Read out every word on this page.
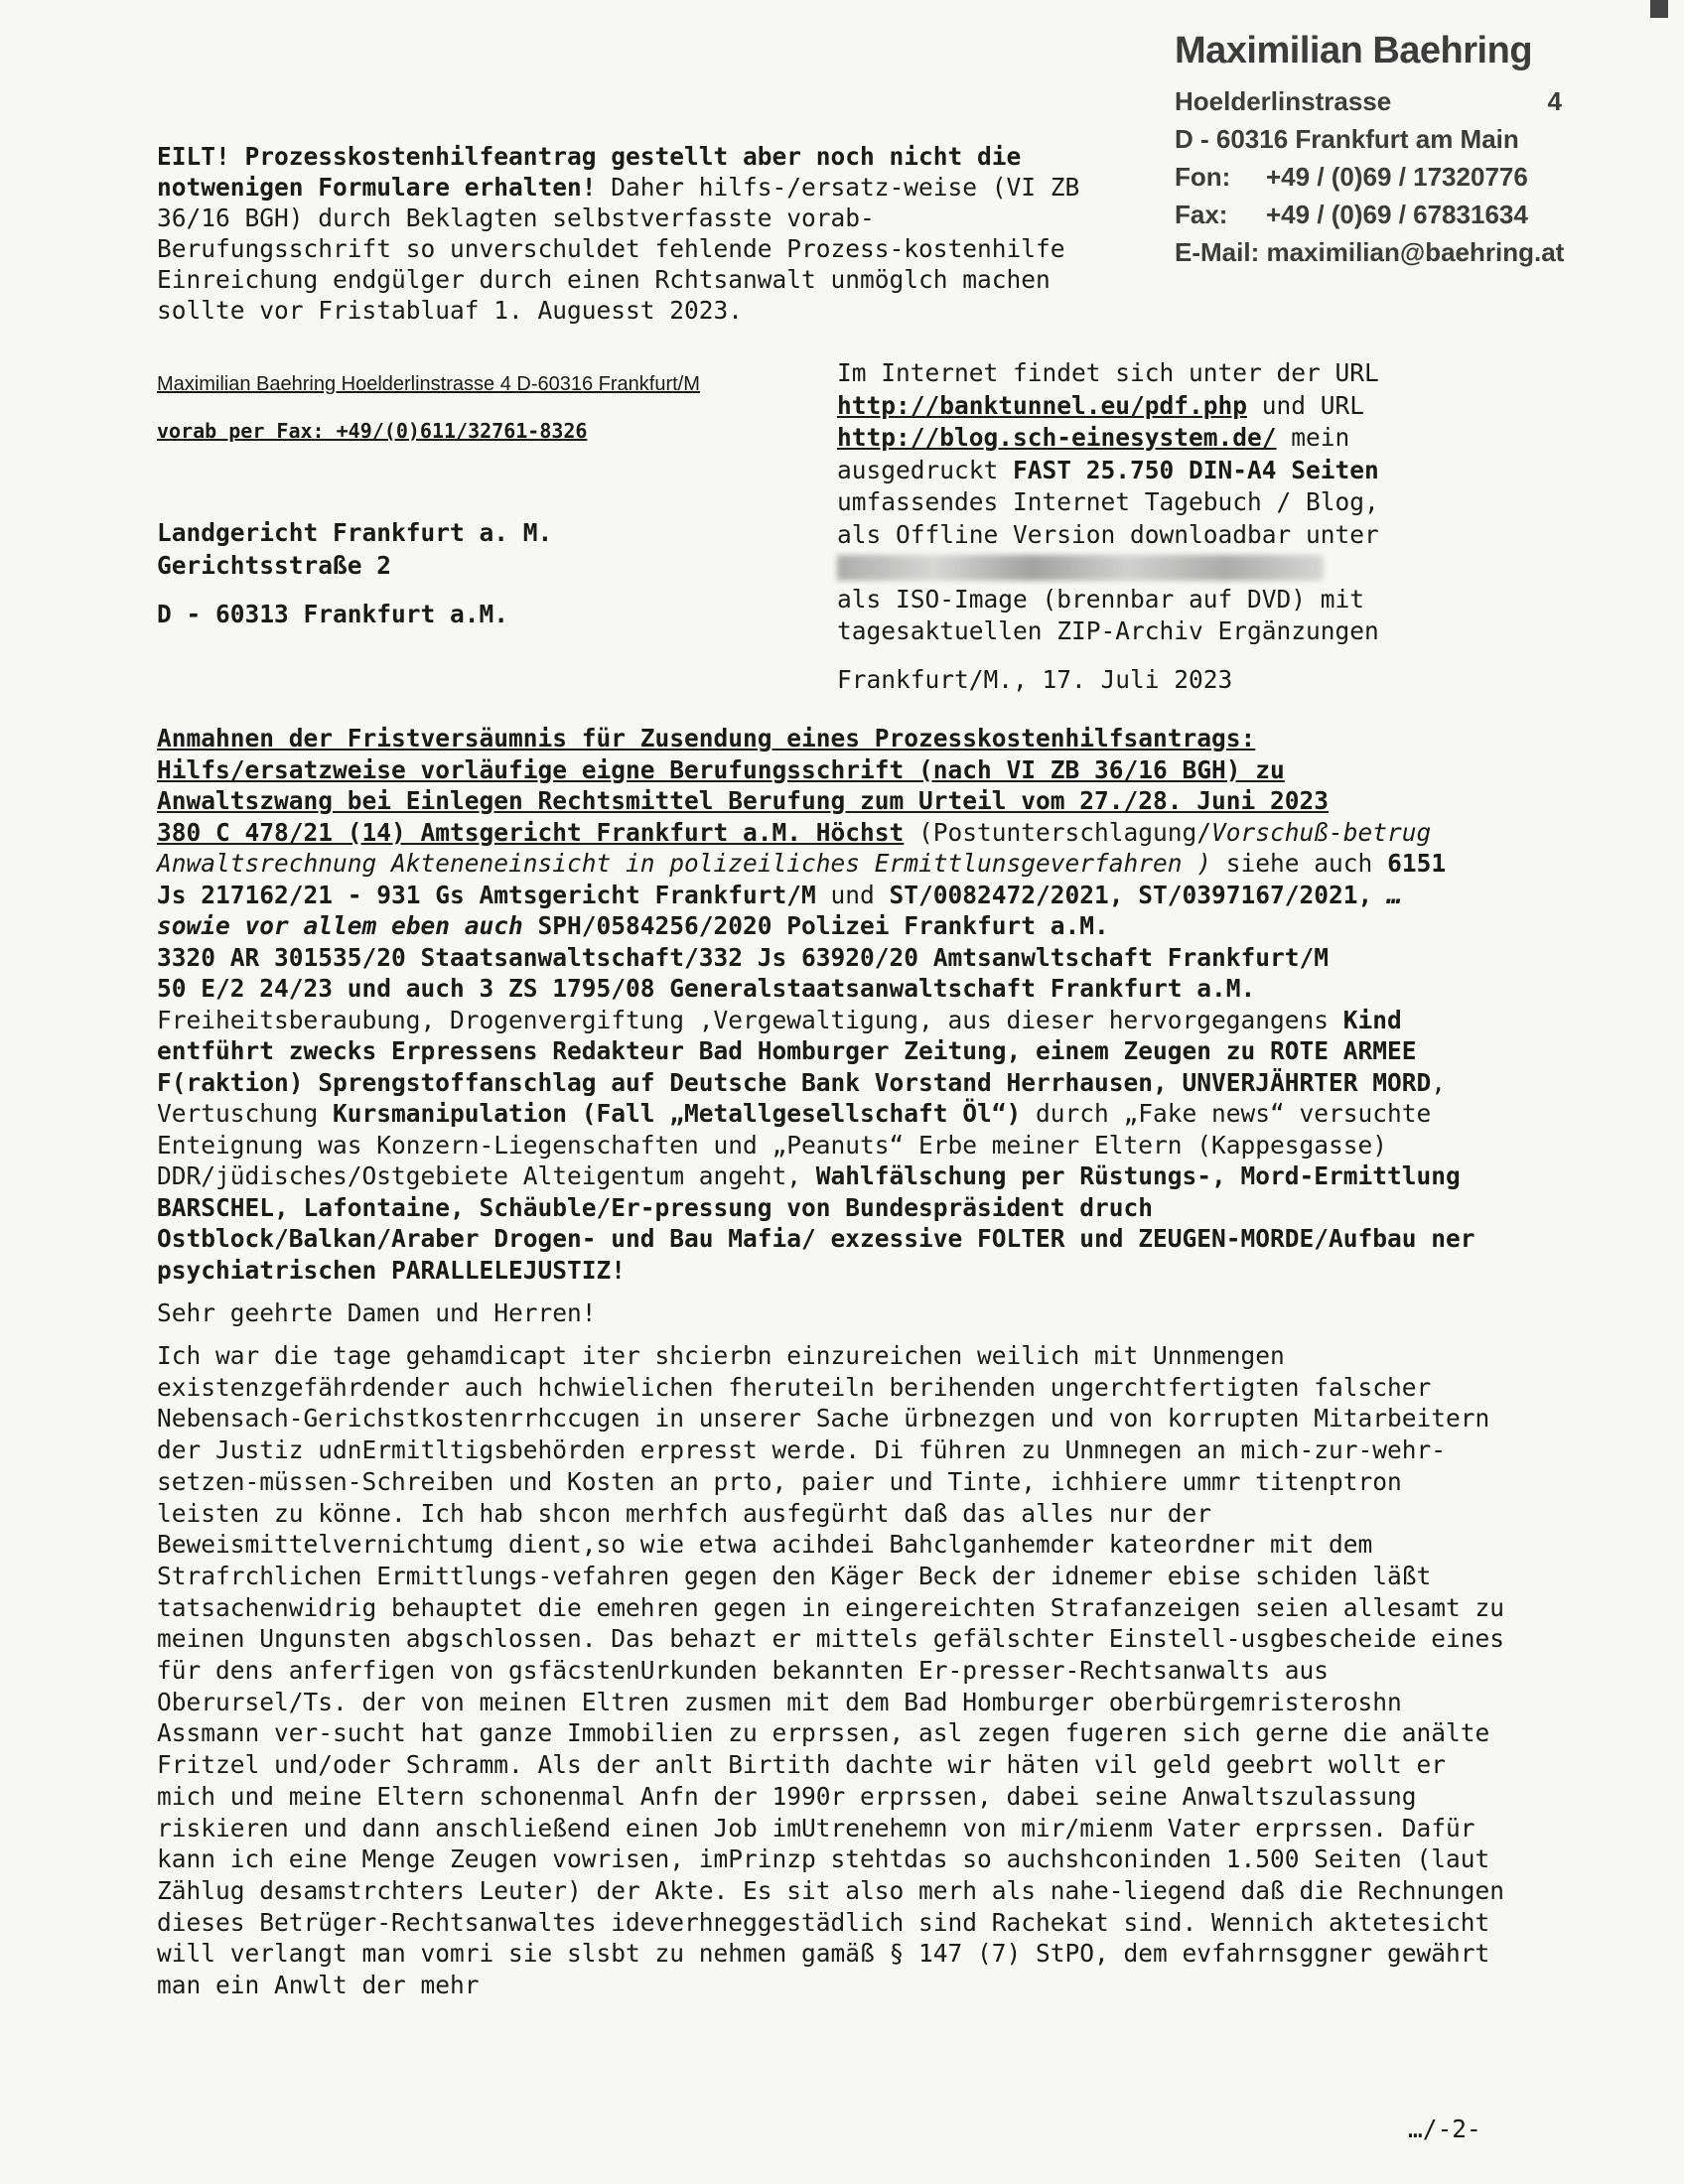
Maximilian Baehring
Hoelderlinstrasse	4
D - 60316 Frankfurt am Main
Fon: +49 / (0)69 / 17320776
Fax: +49 / (0)69 / 67831634
E-Mail: maximilian@baehring.at
EILT! Prozesskostenhilfeantrag gestellt aber noch nicht die notwenigen Formulare erhalten! Daher hilfs-/ersatz-weise (VI ZB 36/16 BGH) durch Beklagten selbstverfasste vorab- Berufungsschrift so unverschuldet fehlende Prozess-kostenhilfe Einreichung endgülger durch einen Rchtsanwalt unmöglch machen sollte vor Fristabluaf 1. Auguesst 2023.
Maximilian Baehring Hoelderlinstrasse 4 D-60316 Frankfurt/M
vorab per Fax: +49/(0)611/32761-8326
Landgericht Frankfurt a. M.
Gerichtsstraße 2
D - 60313 Frankfurt a.M.
Im Internet findet sich unter der URL
http://banktunnel.eu/pdf.php und URL
http://blog.sch-einesystem.de/ mein
ausgedruckt FAST 25.750 DIN-A4 Seiten
umfassendes Internet Tagebuch / Blog,
als Offline Version downloadbar unter
als ISO-Image (brennbar auf DVD) mit
tagesaktuellen ZIP-Archiv Ergänzungen
Frankfurt/M., 17. Juli 2023
Anmahnen der Fristversäumnis für Zusendung eines Prozesskostenhilfsantrags:
Hilfs/ersatzweise vorläufige eigne Berufungsschrift (nach VI ZB 36/16 BGH) zu
Anwaltszwang bei Einlegen Rechtsmittel Berufung zum Urteil vom 27./28. Juni 2023
380 C 478/21 (14) Amtsgericht Frankfurt a.M. Höchst (Postunterschlagung/Vorschuß-betrug Anwaltsrechnung Akteneneinsicht in polizeiliches Ermittlunsgeverfahren ) siehe auch 6151 Js 217162/21 - 931 Gs Amtsgericht Frankfurt/M und ST/0082472/2021, ST/0397167/2021, … sowie vor allem eben auch SPH/0584256/2020 Polizei Frankfurt a.M.
3320 AR 301535/20 Staatsanwaltschaft/332 Js 63920/20 Amtsanwltschaft Frankfurt/M
50 E/2 24/23 und auch 3 ZS 1795/08 Generalstaatsanwaltschaft Frankfurt a.M.
Freiheitsberaubung, Drogenvergiftung ,Vergewaltigung, aus dieser hervorgegangens Kind entführt zwecks Erpressens Redakteur Bad Homburger Zeitung, einem Zeugen zu ROTE ARMEE F(raktion) Sprengstoffanschlag auf Deutsche Bank Vorstand Herrhausen, UNVERJÄHRTER MORD, Vertuschung Kursmanipulation (Fall „Metallgesellschaft Öl“) durch „Fake news“ versuchte Enteignung was Konzern-Liegenschaften und „Peanuts“ Erbe meiner Eltern (Kappesgasse) DDR/jüdisches/Ostgebiete Alteigentum angeht, Wahlfälschung per Rüstungs-, Mord-Ermittlung BARSCHEL, Lafontaine, Schäuble/Er-pressung von Bundespräsident druch Ostblock/Balkan/Araber Drogen- und Bau Mafia/ exzessive FOLTER und ZEUGEN-MORDE/Aufbau ner psychiatrischen PARALLELEJUSTIZ!
Sehr geehrte Damen und Herren!
Ich war die tage gehamdicapt iter shcierbn einzureichen weilich mit Unnmengen existenzgefährdender auch hchwielichen fheruteiln berihenden ungerchtfertigten falscher Nebensach-Gerichstkostenrrhccugen in unserer Sache ürbnezgen und von korrupten Mitarbeitern der Justiz udnErmitltigsbehörden erpresst werde. Di führen zu Unmnegen an mich-zur-wehr-setzen-müssen-Schreiben und Kosten an prto, paier und Tinte, ichhiere ummr titenptron leisten zu könne. Ich hab shcon merhfch ausfegürht daß das alles nur der Beweismittelvernichtumg dient,so wie etwa acihdei Bahclganhemder kateordner mit dem Strafrchlichen Ermittlungs-vefahren gegen den Käger Beck der idnemer ebise schiden läßt tatsachenwidrig behauptet die emehren gegen in eingereichten Strafanzeigen seien allesamt zu meinen Ungunsten abgschlossen. Das behazt er mittels gefälschter Einstell-usgbescheide eines für dens anferfigen von gsfäcstenUrkunden bekannten Er-presser-Rechtsanwalts aus Oberursel/Ts. der von meinen Eltren zusmen mit dem Bad Homburger oberbürgemristeroshn Assmann ver-sucht hat ganze Immobilien zu erprssen, asl zegen fugeren sich gerne die anälte Fritzel und/oder Schramm. Als der anlt Birtith dachte wir häten vil geld geebrt wollt er mich und meine Eltern schonenmal Anfn der 1990r erprssen, dabei seine Anwaltszulassung riskieren und dann anschließend einen Job imUtrenehemn von mir/mienm Vater erprssen. Dafür kann ich eine Menge Zeugen vowrisen, imPrinzp stehtdas so auchshconinden 1.500 Seiten (laut Zählug desamstrchters Leuter) der Akte. Es sit also merh als nahe-liegend daß die Rechnungen dieses Betrüger-Rechtsanwaltes ideverhneggestädlich sind Rachekat sind. Wennich aktetesicht will verlangt man vomri sie slsbt zu nehmen gamäß § 147 (7) StPO, dem evfahrnsggner gewährt man ein Anwlt der mehr
…/-2-
